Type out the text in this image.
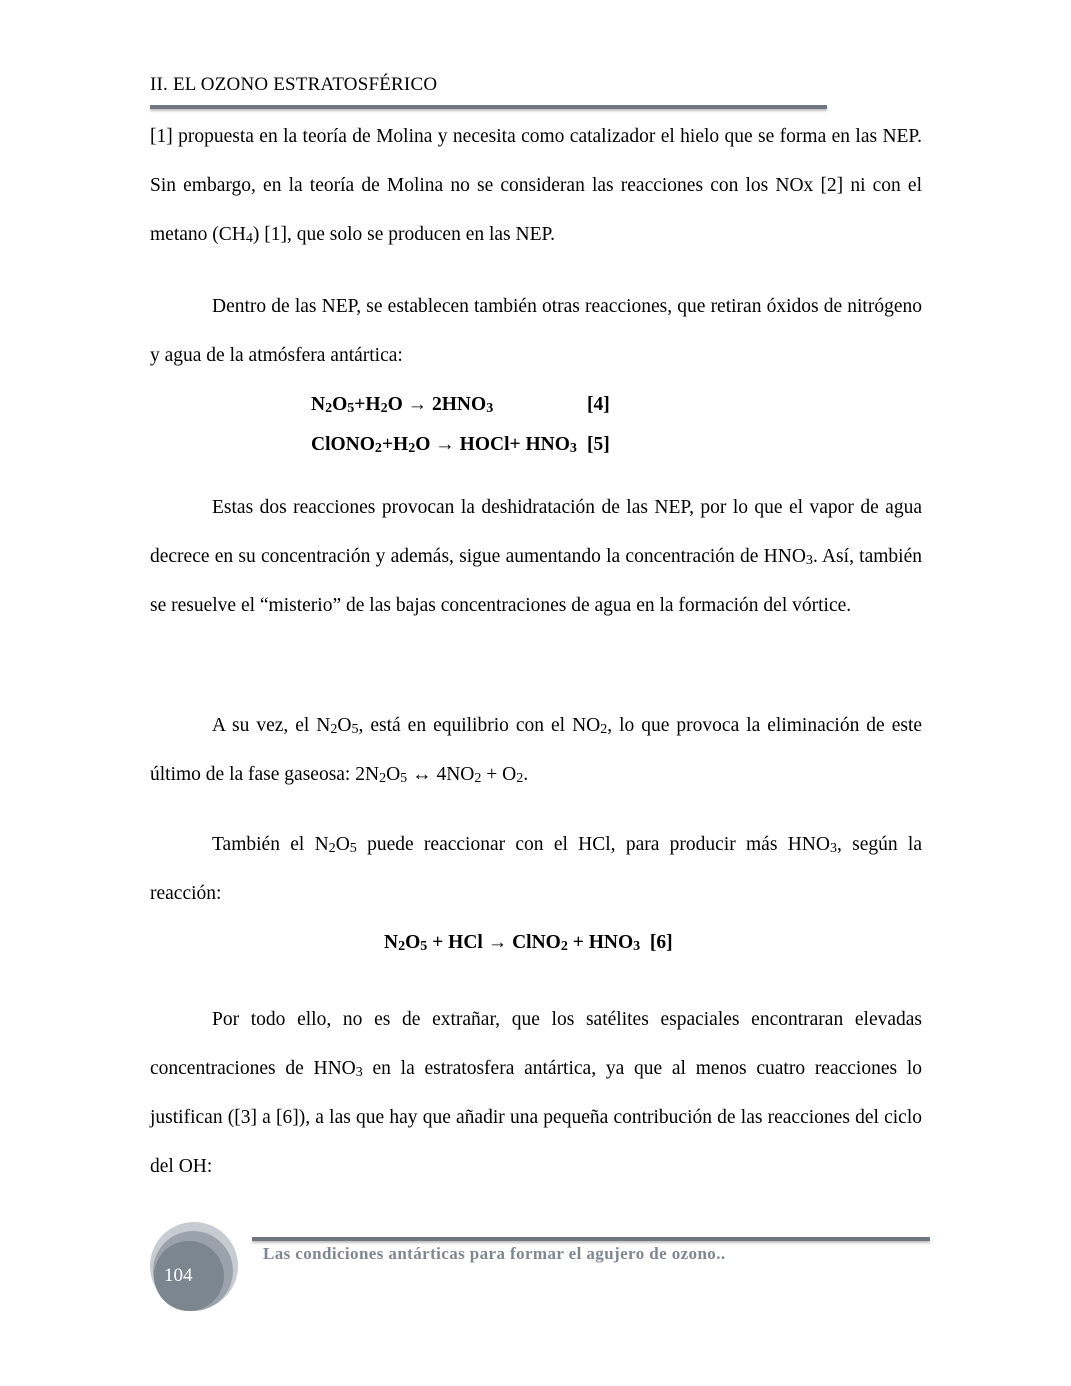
II. EL OZONO ESTRATOSFÉRICO

[1] propuesta en la teoría de Molina y necesita como catalizador el hielo que se forma en las NEP. Sin embargo, en la teoría de Molina no se consideran las reacciones con los NOx [2] ni con el metano $(CH_4)$ [1], que solo se producen en las NEP.

Dentro de las NEP, se establecen también otras reacciones, que retiran óxidos de nitrógeno y agua de la atmósfera antártica:

$N_2O_5+H_2O \to 2HNO_3$	[4]
$ClONO_2+H_2O$ → HOCl+ $HNO_3$ [5]

Estas dos reacciones provocan la deshidratación de las NEP, por lo que el vapor de agua decrece en su concentración y además, sigue aumentando la concentración de $HNO_3$. Así, también se resuelve el “misterio” de las bajas concentraciones de agua en la formación del vórtice.

A su vez, el $N_2O_5$, está en equilibrio con el $NO_2$, lo que provoca la eliminación de este último de la fase gaseosa: $2N_2O_5$ ↔ $4NO_2 + O_2$.

También el $N_2O_5$ puede reaccionar con el HCl, para producir más $HNO_3$, según la reacción:

$N_2O_5$ + HCl → ClNO$_2$ + $HNO_3$  [6]

Por todo ello, no es de extrañar, que los satélites espaciales encontraran elevadas concentraciones de $HNO_3$ en la estratosfera antártica, ya que al menos cuatro reacciones lo justifican ([3] a [6]), a las que hay que añadir una pequeña contribución de las reacciones del ciclo del OH:

104
Las condiciones antárticas para formar el agujero de ozono..
